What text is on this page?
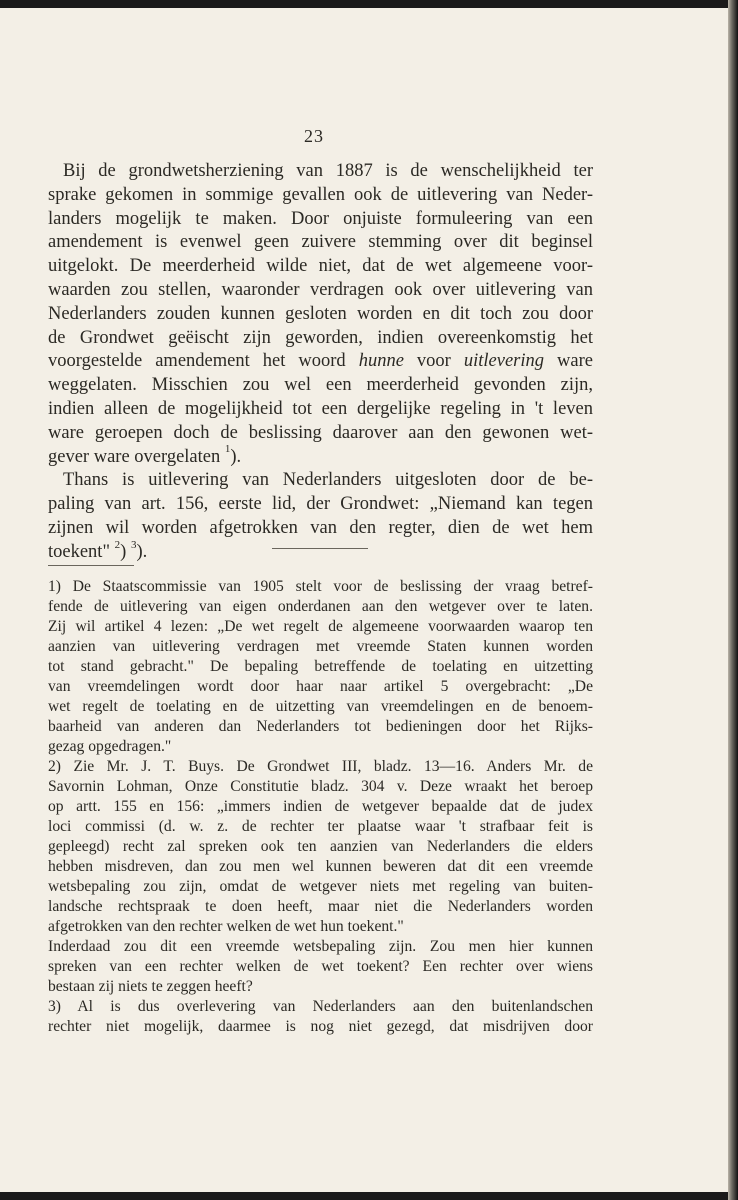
23
Bij de grondwetsherziening van 1887 is de wenschelijkheid ter
sprake gekomen in sommige gevallen ook de uitlevering van Neder-
landers mogelijk te maken. Door onjuiste formuleering van een
amendement is evenwel geen zuivere stemming over dit beginsel
uitgelokt. De meerderheid wilde niet, dat de wet algemeene voor-
waarden zou stellen, waaronder verdragen ook over uitlevering van
Nederlanders zouden kunnen gesloten worden en dit toch zou door
de Grondwet geëischt zijn geworden, indien overeenkomstig het
voorgestelde amendement het woord hunne voor uitlevering ware
weggelaten. Misschien zou wel een meerderheid gevonden zijn,
indien alleen de mogelijkheid tot een dergelijke regeling in 't leven
ware geroepen doch de beslissing daarover aan den gewonen wet-
gever ware overgelaten $^1$).
Thans is uitlevering van Nederlanders uitgesloten door de be-
paling van art. 156, eerste lid, der Grondwet: „Niemand kan tegen
zijnen wil worden afgetrokken van den regter, dien de wet hem
toekent" $^2$) $^3$).
1) De Staatscommissie van 1905 stelt voor de beslissing der vraag betref-
fende de uitlevering van eigen onderdanen aan den wetgever over te laten.
Zij wil artikel 4 lezen: „De wet regelt de algemeene voorwaarden waarop ten
aanzien van uitlevering verdragen met vreemde Staten kunnen worden
tot stand gebracht." De bepaling betreffende de toelating en uitzetting
van vreemdelingen wordt door haar naar artikel 5 overgebracht: „De
wet regelt de toelating en de uitzetting van vreemdelingen en de benoem-
baarheid van anderen dan Nederlanders tot bedieningen door het Rijks-
gezag opgedragen."
2) Zie Mr. J. T. Buys. De Grondwet III, bladz. 13—16. Anders Mr. de
Savornin Lohman, Onze Constitutie bladz. 304 v. Deze wraakt het beroep
op artt. 155 en 156: „immers indien de wetgever bepaalde dat de judex
loci commissi (d. w. z. de rechter ter plaatse waar 't strafbaar feit is
gepleegd) recht zal spreken ook ten aanzien van Nederlanders die elders
hebben misdreven, dan zou men wel kunnen beweren dat dit een vreemde
wetsbepaling zou zijn, omdat de wetgever niets met regeling van buiten-
landsche rechtspraak te doen heeft, maar niet die Nederlanders worden
afgetrokken van den rechter welken de wet hun toekent."
Inderdaad zou dit een vreemde wetsbepaling zijn. Zou men hier kunnen
spreken van een rechter welken de wet toekent? Een rechter over wiens
bestaan zij niets te zeggen heeft?
3) Al is dus overlevering van Nederlanders aan den buitenlandschen
rechter niet mogelijk, daarmee is nog niet gezegd, dat misdrijven door
